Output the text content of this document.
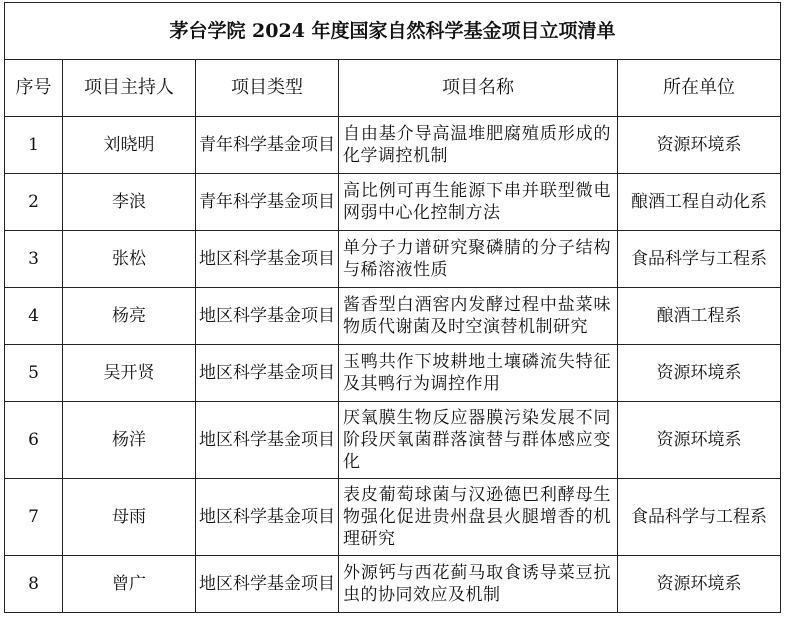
茅台学院 2024 年度国家自然科学基金项目立项清单				
序号	项目主持人	项目类型	项目名称	所在单位
1	刘晓明	青年科学基金项目	自由基介导高温堆肥腐殖质形成的化学调控机制	资源环境系
2	李浪	青年科学基金项目	高比例可再生能源下串并联型微电网弱中心化控制方法	酿酒工程自动化系
3	张松	地区科学基金项目	单分子力谱研究聚磷腈的分子结构与稀溶液性质	食品科学与工程系
4	杨亮	地区科学基金项目	酱香型白酒窖内发酵过程中盐菜味物质代谢菌及时空演替机制研究	酿酒工程系
5	吴开贤	地区科学基金项目	玉鸭共作下坡耕地土壤磷流失特征及其鸭行为调控作用	资源环境系
6	杨洋	地区科学基金项目	厌氧膜生物反应器膜污染发展不同阶段厌氧菌群落演替与群体感应变化	资源环境系
7	母雨	地区科学基金项目	表皮葡萄球菌与汉逊德巴利酵母生物强化促进贵州盘县火腿增香的机理研究	食品科学与工程系
8	曾广	地区科学基金项目	外源钙与西花蓟马取食诱导菜豆抗虫的协同效应及机制	资源环境系
